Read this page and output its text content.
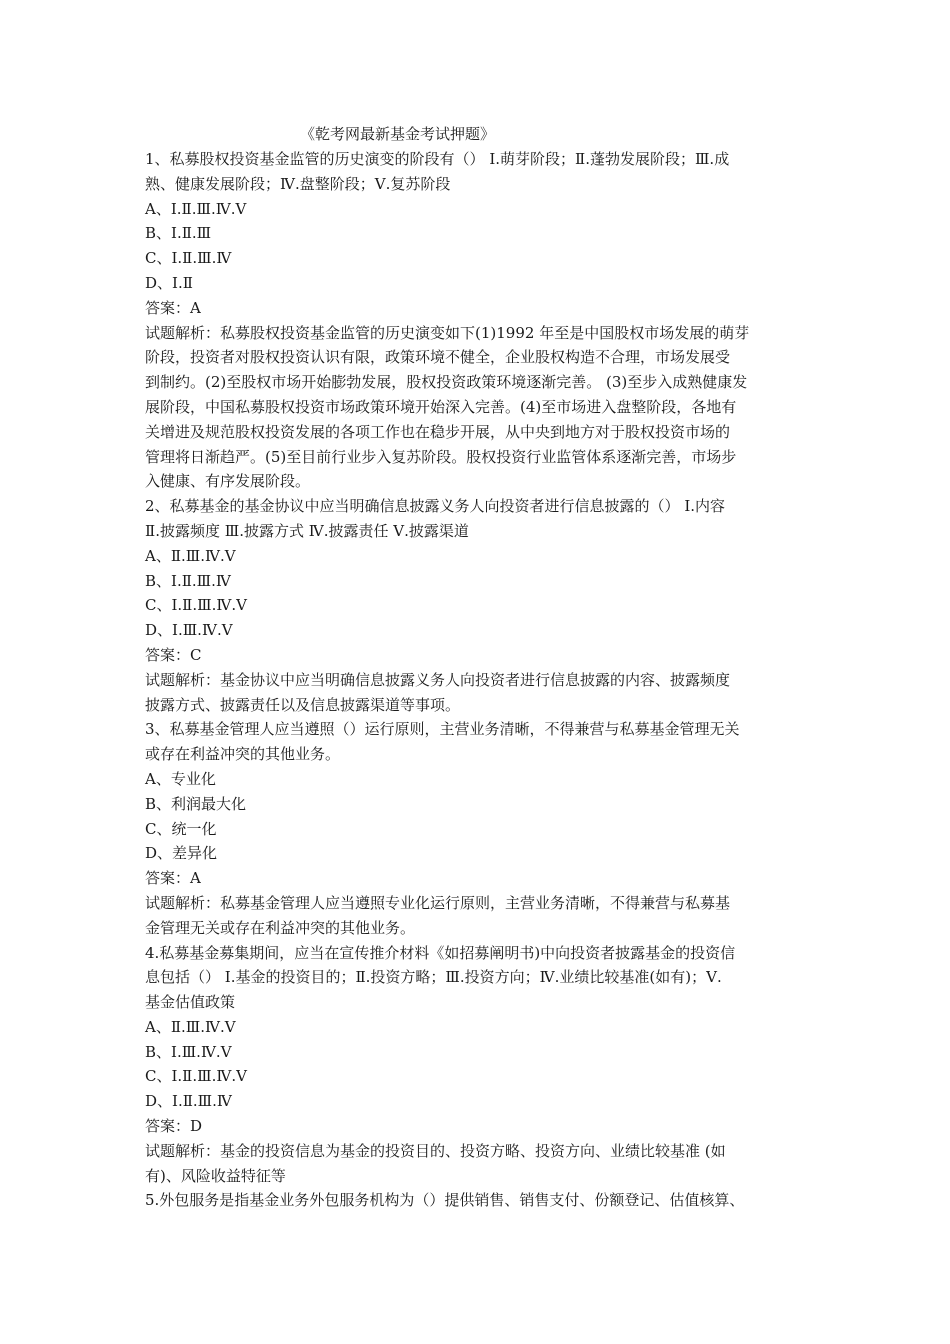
《乾考网最新基金考试押题》
1、私募股权投资基金监管的历史演变的阶段有（） Ⅰ.萌芽阶段；Ⅱ.蓬勃发展阶段；Ⅲ.成
熟、健康发展阶段；Ⅳ.盘整阶段；Ⅴ.复苏阶段
A、Ⅰ.Ⅱ.Ⅲ.Ⅳ.Ⅴ
B、Ⅰ.Ⅱ.Ⅲ
C、Ⅰ.Ⅱ.Ⅲ.Ⅳ
D、Ⅰ.Ⅱ
答案：A
试题解析：私募股权投资基金监管的历史演变如下(1)1992 年至是中国股权市场发展的萌芽
阶段，投资者对股权投资认识有限，政策环境不健全，企业股权构造不合理，市场发展受
到制约。(2)至股权市场开始膨勃发展，股权投资政策环境逐渐完善。 (3)至步入成熟健康发
展阶段，中国私募股权投资市场政策环境开始深入完善。(4)至市场进入盘整阶段，各地有
关增进及规范股权投资发展的各项工作也在稳步开展，从中央到地方对于股权投资市场的
管理将日渐趋严。(5)至目前行业步入复苏阶段。股权投资行业监管体系逐渐完善，市场步
入健康、有序发展阶段。
2、私募基金的基金协议中应当明确信息披露义务人向投资者进行信息披露的（） Ⅰ.内容
Ⅱ.披露频度 Ⅲ.披露方式 Ⅳ.披露责任 Ⅴ.披露渠道
A、Ⅱ.Ⅲ.Ⅳ.Ⅴ
B、Ⅰ.Ⅱ.Ⅲ.Ⅳ
C、Ⅰ.Ⅱ.Ⅲ.Ⅳ.Ⅴ
D、Ⅰ.Ⅲ.Ⅳ.Ⅴ
答案：C
试题解析：基金协议中应当明确信息披露义务人向投资者进行信息披露的内容、披露频度
披露方式、披露责任以及信息披露渠道等事项。
3、私募基金管理人应当遵照（）运行原则，主营业务清晰，不得兼营与私募基金管理无关
或存在利益冲突的其他业务。
A、专业化
B、利润最大化
C、统一化
D、差异化
答案：A
试题解析：私募基金管理人应当遵照专业化运行原则，主营业务清晰，不得兼营与私募基
金管理无关或存在利益冲突的其他业务。
4.私募基金募集期间，应当在宣传推介材料《如招募阐明书)中向投资者披露基金的投资信
息包括（） Ⅰ.基金的投资目的；Ⅱ.投资方略；Ⅲ.投资方向；Ⅳ.业绩比较基准(如有)；Ⅴ.
基金估值政策
A、Ⅱ.Ⅲ.Ⅳ.Ⅴ
B、Ⅰ.Ⅲ.Ⅳ.Ⅴ
C、Ⅰ.Ⅱ.Ⅲ.Ⅳ.Ⅴ
D、Ⅰ.Ⅱ.Ⅲ.Ⅳ
答案：D
试题解析：基金的投资信息为基金的投资目的、投资方略、投资方向、业绩比较基准 (如
有)、风险收益特征等
5.外包服务是指基金业务外包服务机构为（）提供销售、销售支付、份额登记、估值核算、
